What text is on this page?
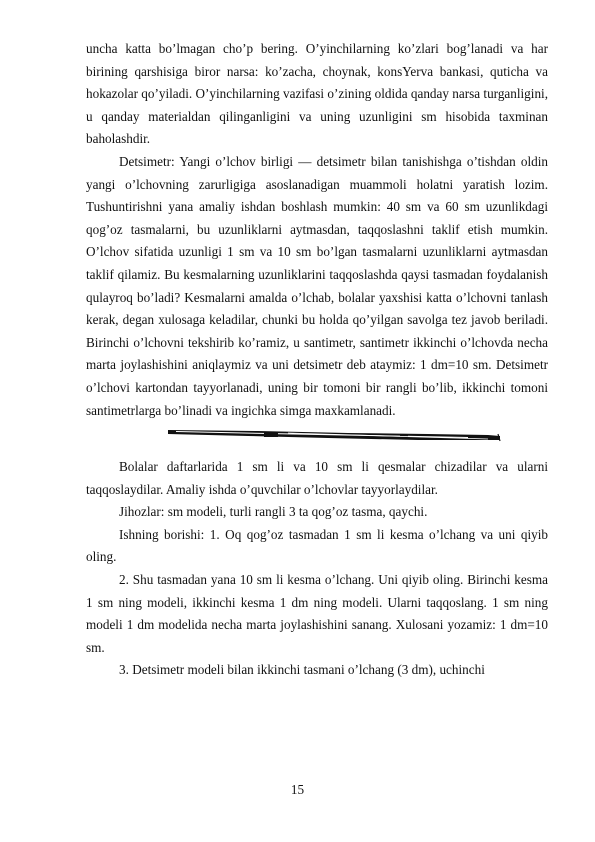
uncha katta bo’lmagan cho’p bering. O’yinchilarning ko’zlari bog’lanadi va har birining qarshisiga biror narsa: ko’zacha, choynak, konsYerva bankasi, quticha va hokazolar qo’yiladi. O’yinchilarning vazifasi o’zining oldida qanday narsa turganligini, u qanday materialdan qilinganligini va uning uzunligini sm hisobida taxminan baholashdir.

Detsimetr: Yangi o’lchov birligi — detsimetr bilan tanishishga o’tishdan oldin yangi o’lchovning zarurligiga asoslanadigan muammoli holatni yaratish lozim. Tushuntirishni yana amaliy ishdan boshlash mumkin: 40 sm va 60 sm uzunlikdagi qog’oz tasmalarni, bu uzunliklarni aytmasdan, taqqoslashni taklif etish mumkin. O’lchov sifatida uzunligi 1 sm va 10 sm bo’lgan tasmalarni uzunliklarni aytmasdan taklif qilamiz. Bu kesmalarning uzunliklarini taqqoslashda qaysi tasmadan foydalanish qulayroq bo’ladi? Kesmalarni amalda o’lchab, bolalar yaxshisi katta o’lchovni tanlash kerak, degan xulosaga keladilar, chunki bu holda qo’yilgan savolga tez javob beriladi. Birinchi o’lchovni tekshirib ko’ramiz, u santimetr, santimetr ikkinchi o’lchovda necha marta joylashishini aniqlaymiz va uni detsimetr deb ataymiz: 1 dm=10 sm. Detsimetr o’lchovi kartondan tayyorlanadi, uning bir tomoni bir rangli bo’lib, ikkinchi tomoni santimetrlarga bo’linadi va ingichka simga maxkamlanadi.

Bolalar daftarlarida 1 sm li va 10 sm li qesmalar chizadilar va ularni taqqoslaydilar. Amaliy ishda o’quvchilar o’lchovlar tayyorlaydilar.

Jihozlar: sm modeli, turli rangli 3 ta qog’oz tasma, qaychi.

Ishning borishi: 1. Oq qog’oz tasmadan 1 sm li kesma o’lchang va uni qiyib oling.

2. Shu tasmadan yana 10 sm li kesma o’lchang. Uni qiyib oling. Birinchi kesma 1 sm ning modeli, ikkinchi kesma 1 dm ning modeli. Ularni taqqoslang. 1 sm ning modeli 1 dm modelida necha marta joylashishini sanang. Xulosani yozamiz: 1 dm=10 sm.

3. Detsimetr modeli bilan ikkinchi tasmani o’lchang (3 dm), uchinchi

15
